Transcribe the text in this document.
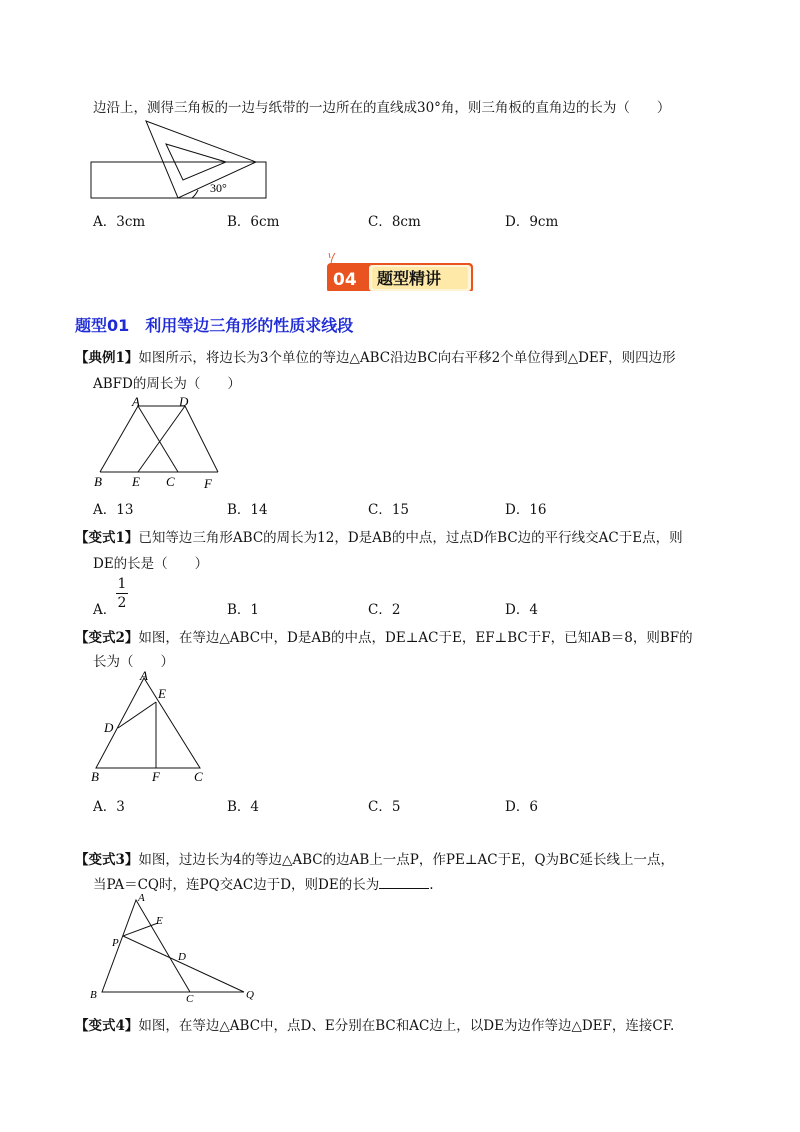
边沿上，测得三角板的一边与纸带的一边所在的直线成30°角，则三角板的直角边的长为（　　）
30°
A．3cm	B．6cm	C．8cm	D．9cm
04 题型精讲
题型01　利用等边三角形的性质求线段
【典例1】如图所示，将边长为3个单位的等边△ABC沿边BC向右平移2个单位得到△DEF，则四边形
ABFD的周长为（　　）
A	D
B E C F
A．13	B．14	C．15	D．16
【变式1】已知等边三角形ABC的周长为12，D是AB的中点，过点D作BC边的平行线交AC于E点，则
DE的长是（　　）
A．
1
2	B．1	C．2	D．4
【变式2】如图，在等边△ABC中，D是AB的中点，DE⊥AC于E，EF⊥BC于F，已知AB＝8，则BF的
长为（　　）
A
E
D
B	F	C
A．3	B．4	C．5	D．6
【变式3】如图，过边长为4的等边△ABC的边AB上一点P，作PE⊥AC于E，Q为BC延长线上一点，
当PA＝CQ时，连PQ交AC边于D，则DE的长为	.
A
E
P
D
B	C	Q
【变式4】如图，在等边△ABC中，点D、E分别在BC和AC边上，以DE为边作等边△DEF，连接CF.
